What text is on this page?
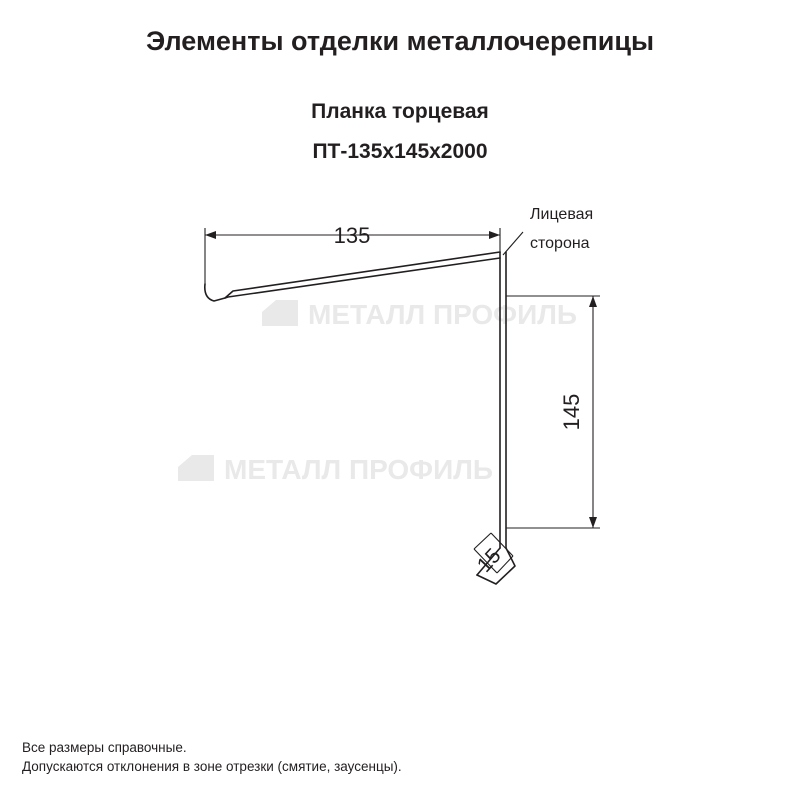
Элементы отделки металлочерепицы
Планка торцевая
ПТ-135x145x2000
МЕТАЛЛ ПРОФИЛЬ
МЕТАЛЛ ПРОФИЛЬ
135
145
15
Лицевая
сторона
Все размеры справочные.
Допускаются отклонения в зоне отрезки (смятие, заусенцы).
